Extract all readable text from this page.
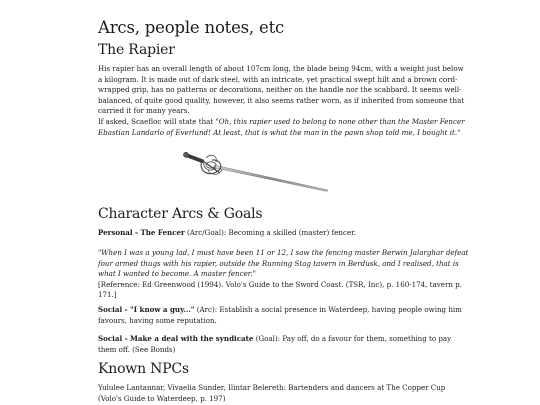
Arcs, people notes, etc
The Rapier

His rapier has an overall length of about 107cm long, the blade being 94cm, with a weight just below a kilogram. It is made out of dark steel, with an intricate, yet practical swept hilt and a brown cord-wrapped grip, has no patterns or decorations, neither on the handle nor the scabbard. It seems well-balanced, of quite good quality, however, it also seems rather worn, as if inherited from someone that carried it for many years.
If asked, Scaefloc will state that "Oh, this rapier used to belong to none other than the Master Fencer Ebastian Landarlo of Everlund! At least, that is what the man in the pawn shop told me, I bought it."

Character Arcs & Goals

Personal - The Fencer (Arc/Goal): Becoming a skilled (master) fencer.

"When I was a young lad, I must have been 11 or 12, I saw the fencing master Berwin Jalarghar defeat four armed thugs with his rapier, outside the Running Stag tavern in Berdusk, and I realised, that is what I wanted to become. A master fencer."
[Reference: Ed Greenwood (1994). Volo's Guide to the Sword Coast. (TSR, Inc), p. 160-174, tavern p. 171.]

Social - "I know a guy..." (Arc): Establish a social presence in Waterdeep, having people owing him favours, having some reputation.

Social - Make a deal with the syndicate (Goal): Pay off, do a favour for them, something to pay them off. (See Bonds)

Known NPCs

Yululee Lantannar, Vivaelia Sunder, Ilintar Belereth: Bartenders and dancers at The Copper Cup (Volo's Guide to Waterdeep, p. 197)
